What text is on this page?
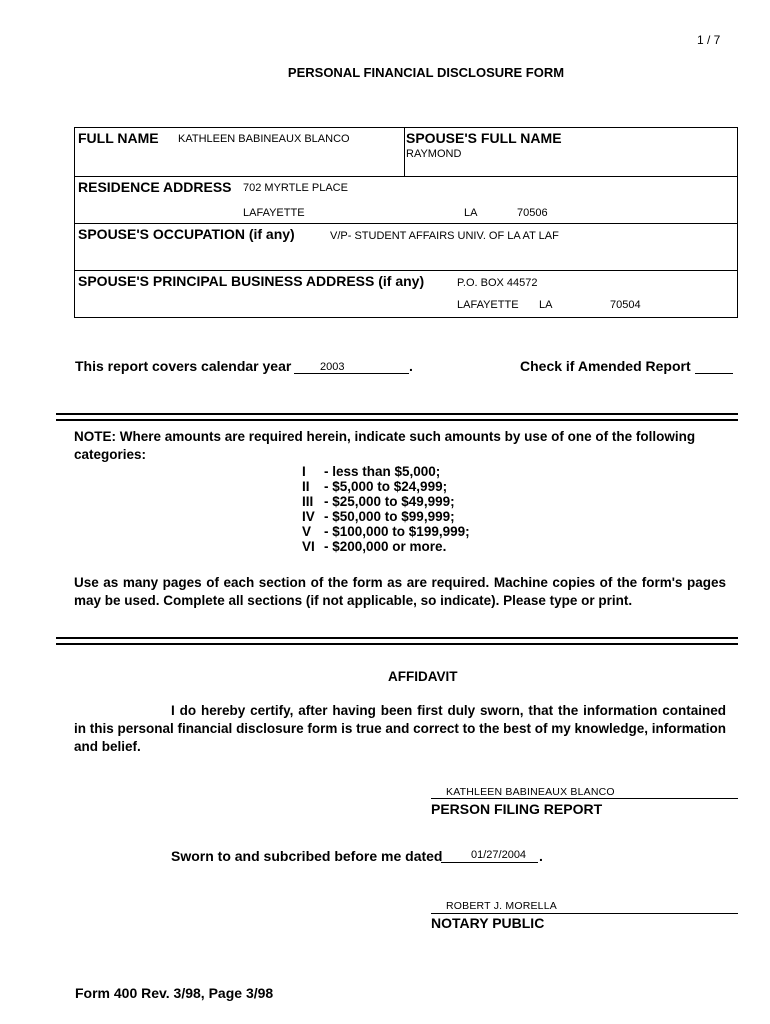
1 / 7
PERSONAL FINANCIAL DISCLOSURE FORM
FULL NAME KATHLEEN BABINEAUX BLANCO	SPOUSE'S FULL NAME
RAYMOND
RESIDENCE ADDRESS 702 MYRTLE PLACE
LAFAYETTE	LA	70506
SPOUSE'S OCCUPATION (if any)	V/P- STUDENT AFFAIRS UNIV. OF LA AT LAF
SPOUSE'S PRINCIPAL BUSINESS ADDRESS (if any)	P.O. BOX 44572
LAFAYETTE LA	70504
This report covers calendar year	2003	.	Check if Amended Report
NOTE: Where amounts are required herein, indicate such amounts by use of one of the following categories:
I - less than $5,000;
II - $5,000 to $24,999;
III - $25,000 to $49,999;
IV - $50,000 to $99,999;
V - $100,000 to $199,999;
VI - $200,000 or more.
Use as many pages of each section of the form as are required. Machine copies of the form's pages may be used. Complete all sections (if not applicable, so indicate). Please type or print.
AFFIDAVIT
I do hereby certify, after having been first duly sworn, that the information contained in this personal financial disclosure form is true and correct to the best of my knowledge, information and belief.
KATHLEEN BABINEAUX BLANCO
PERSON FILING REPORT
Sworn to and subcribed before me dated	01/27/2004 .
ROBERT J. MORELLA
NOTARY PUBLIC
Form 400 Rev. 3/98, Page 3/98
